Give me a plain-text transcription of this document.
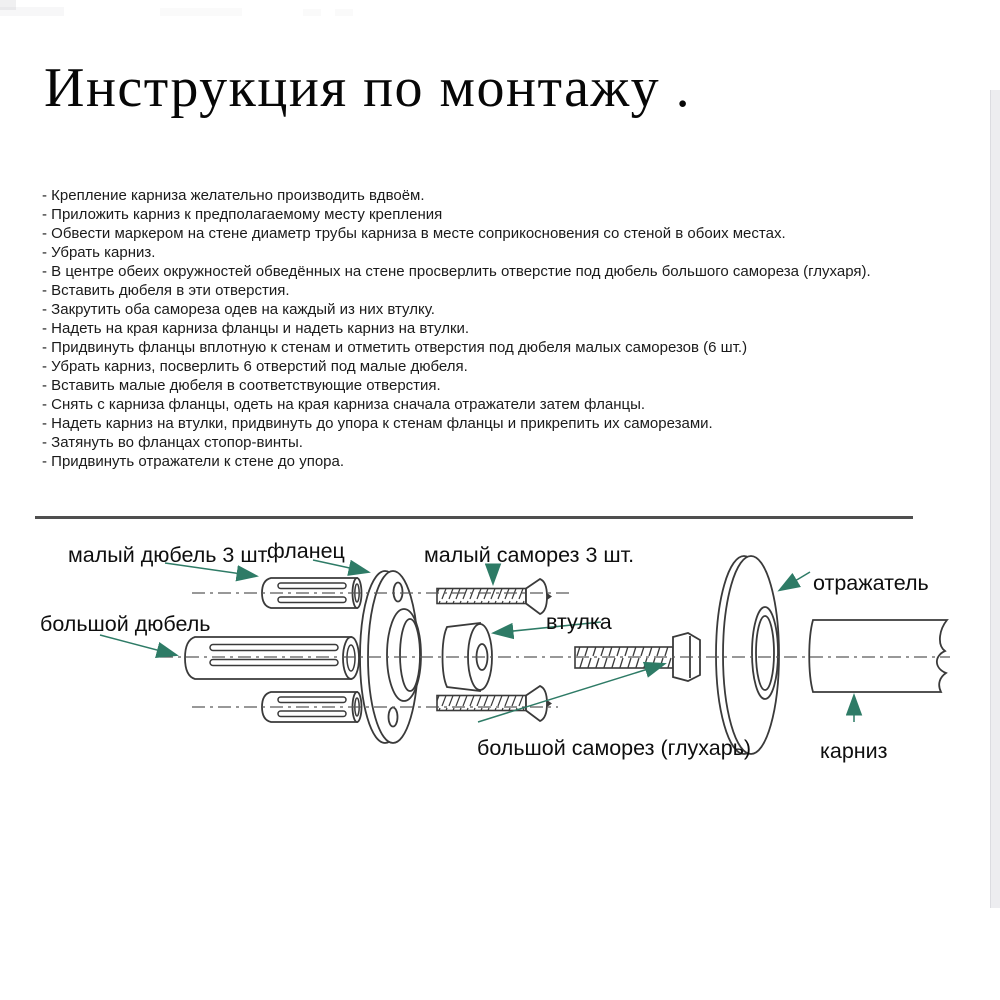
Инструкция по монтажу .
- Крепление карниза желательно производить вдвоём.
- Приложить карниз к предполагаемому месту крепления
- Обвести маркером на стене диаметр трубы карниза в месте соприкосновения со стеной в обоих местах.
- Убрать карниз.
- В центре обеих окружностей обведённых на стене просверлить отверстие под дюбель большого самореза (глухаря).
- Вставить дюбеля в эти отверстия.
- Закрутить оба самореза одев на каждый из них втулку.
- Надеть на края карниза фланцы и надеть карниз на втулки.
- Придвинуть фланцы вплотную к стенам и отметить отверстия под дюбеля малых саморезов (6 шт.)
- Убрать карниз, посверлить 6 отверстий под малые дюбеля.
- Вставить малые дюбеля в соответствующие отверстия.
- Снять с карниза фланцы, одеть на края карниза сначала отражатели затем фланцы.
- Надеть карниз на втулки, придвинуть до упора к стенам фланцы и прикрепить их саморезами.
- Затянуть во фланцах стопор-винты.
- Придвинуть отражатели к стене до упора.
малый дюбель 3 шт.
фланец	малый саморез 3 шт.
большой дюбель	втулка
отражатель
большой саморез (глухарь)	карниз
